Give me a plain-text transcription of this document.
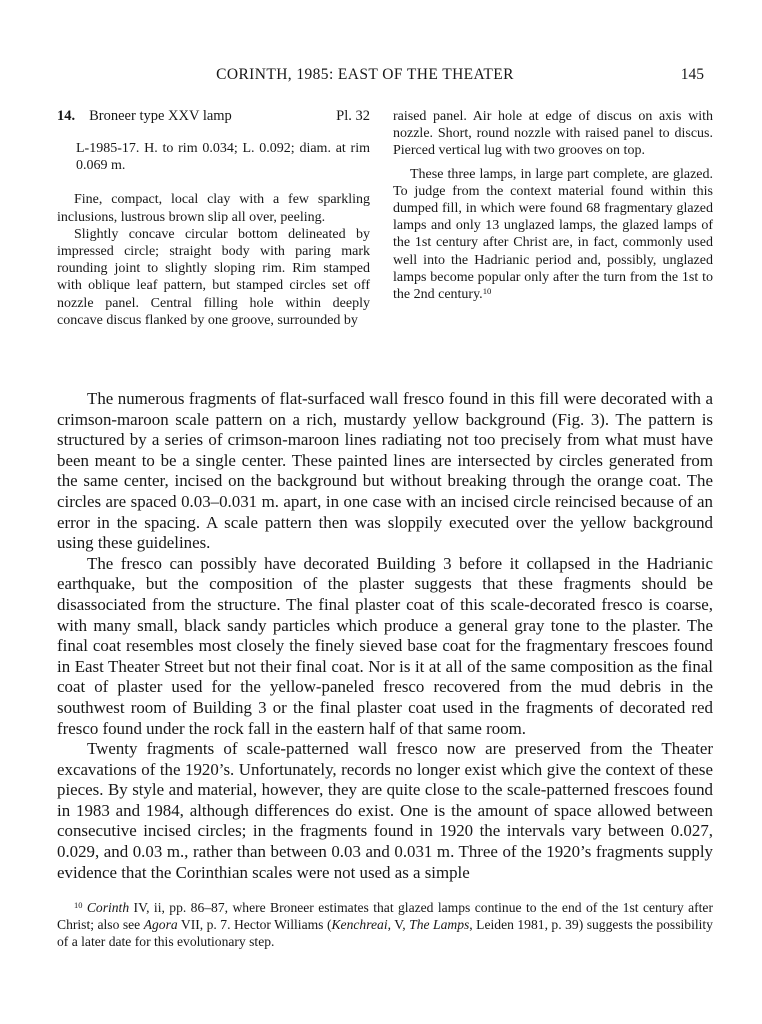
CORINTH, 1985: EAST OF THE THEATER	145
14. Broneer type XXV lamp	Pl. 32

L-1985-17. H. to rim 0.034; L. 0.092; diam. at rim 0.069 m.

Fine, compact, local clay with a few sparkling inclusions, lustrous brown slip all over, peeling.

Slightly concave circular bottom delineated by impressed circle; straight body with paring mark rounding joint to slightly sloping rim. Rim stamped with oblique leaf pattern, but stamped circles set off nozzle panel. Central filling hole within deeply concave discus flanked by one groove, surrounded by

raised panel. Air hole at edge of discus on axis with nozzle. Short, round nozzle with raised panel to discus. Pierced vertical lug with two grooves on top.

These three lamps, in large part complete, are glazed. To judge from the context material found within this dumped fill, in which were found 68 fragmentary glazed lamps and only 13 unglazed lamps, the glazed lamps of the 1st century after Christ are, in fact, commonly used well into the Hadrianic period and, possibly, unglazed lamps become popular only after the turn from the 1st to the 2nd century.$^{10}$

The numerous fragments of flat-surfaced wall fresco found in this fill were decorated with a crimson-maroon scale pattern on a rich, mustardy yellow background (Fig. 3). The pattern is structured by a series of crimson-maroon lines radiating not too precisely from what must have been meant to be a single center. These painted lines are intersected by circles generated from the same center, incised on the background but without breaking through the orange coat. The circles are spaced 0.03–0.031 m. apart, in one case with an incised circle reincised because of an error in the spacing. A scale pattern then was sloppily executed over the yellow background using these guidelines.

The fresco can possibly have decorated Building 3 before it collapsed in the Hadrianic earthquake, but the composition of the plaster suggests that these fragments should be disassociated from the structure. The final plaster coat of this scale-decorated fresco is coarse, with many small, black sandy particles which produce a general gray tone to the plaster. The final coat resembles most closely the finely sieved base coat for the fragmentary frescoes found in East Theater Street but not their final coat. Nor is it at all of the same composition as the final coat of plaster used for the yellow-paneled fresco recovered from the mud debris in the southwest room of Building 3 or the final plaster coat used in the fragments of decorated red fresco found under the rock fall in the eastern half of that same room.

Twenty fragments of scale-patterned wall fresco now are preserved from the Theater excavations of the 1920’s. Unfortunately, records no longer exist which give the context of these pieces. By style and material, however, they are quite close to the scale-patterned frescoes found in 1983 and 1984, although differences do exist. One is the amount of space allowed between consecutive incised circles; in the fragments found in 1920 the intervals vary between 0.027, 0.029, and 0.03 m., rather than between 0.03 and 0.031 m. Three of the 1920’s fragments supply evidence that the Corinthian scales were not used as a simple

$^{10}$ Corinth IV, ii, pp. 86–87, where Broneer estimates that glazed lamps continue to the end of the 1st century after Christ; also see Agora VII, p. 7. Hector Williams (Kenchreai, V, The Lamps, Leiden 1981, p. 39) suggests the possibility of a later date for this evolutionary step.
